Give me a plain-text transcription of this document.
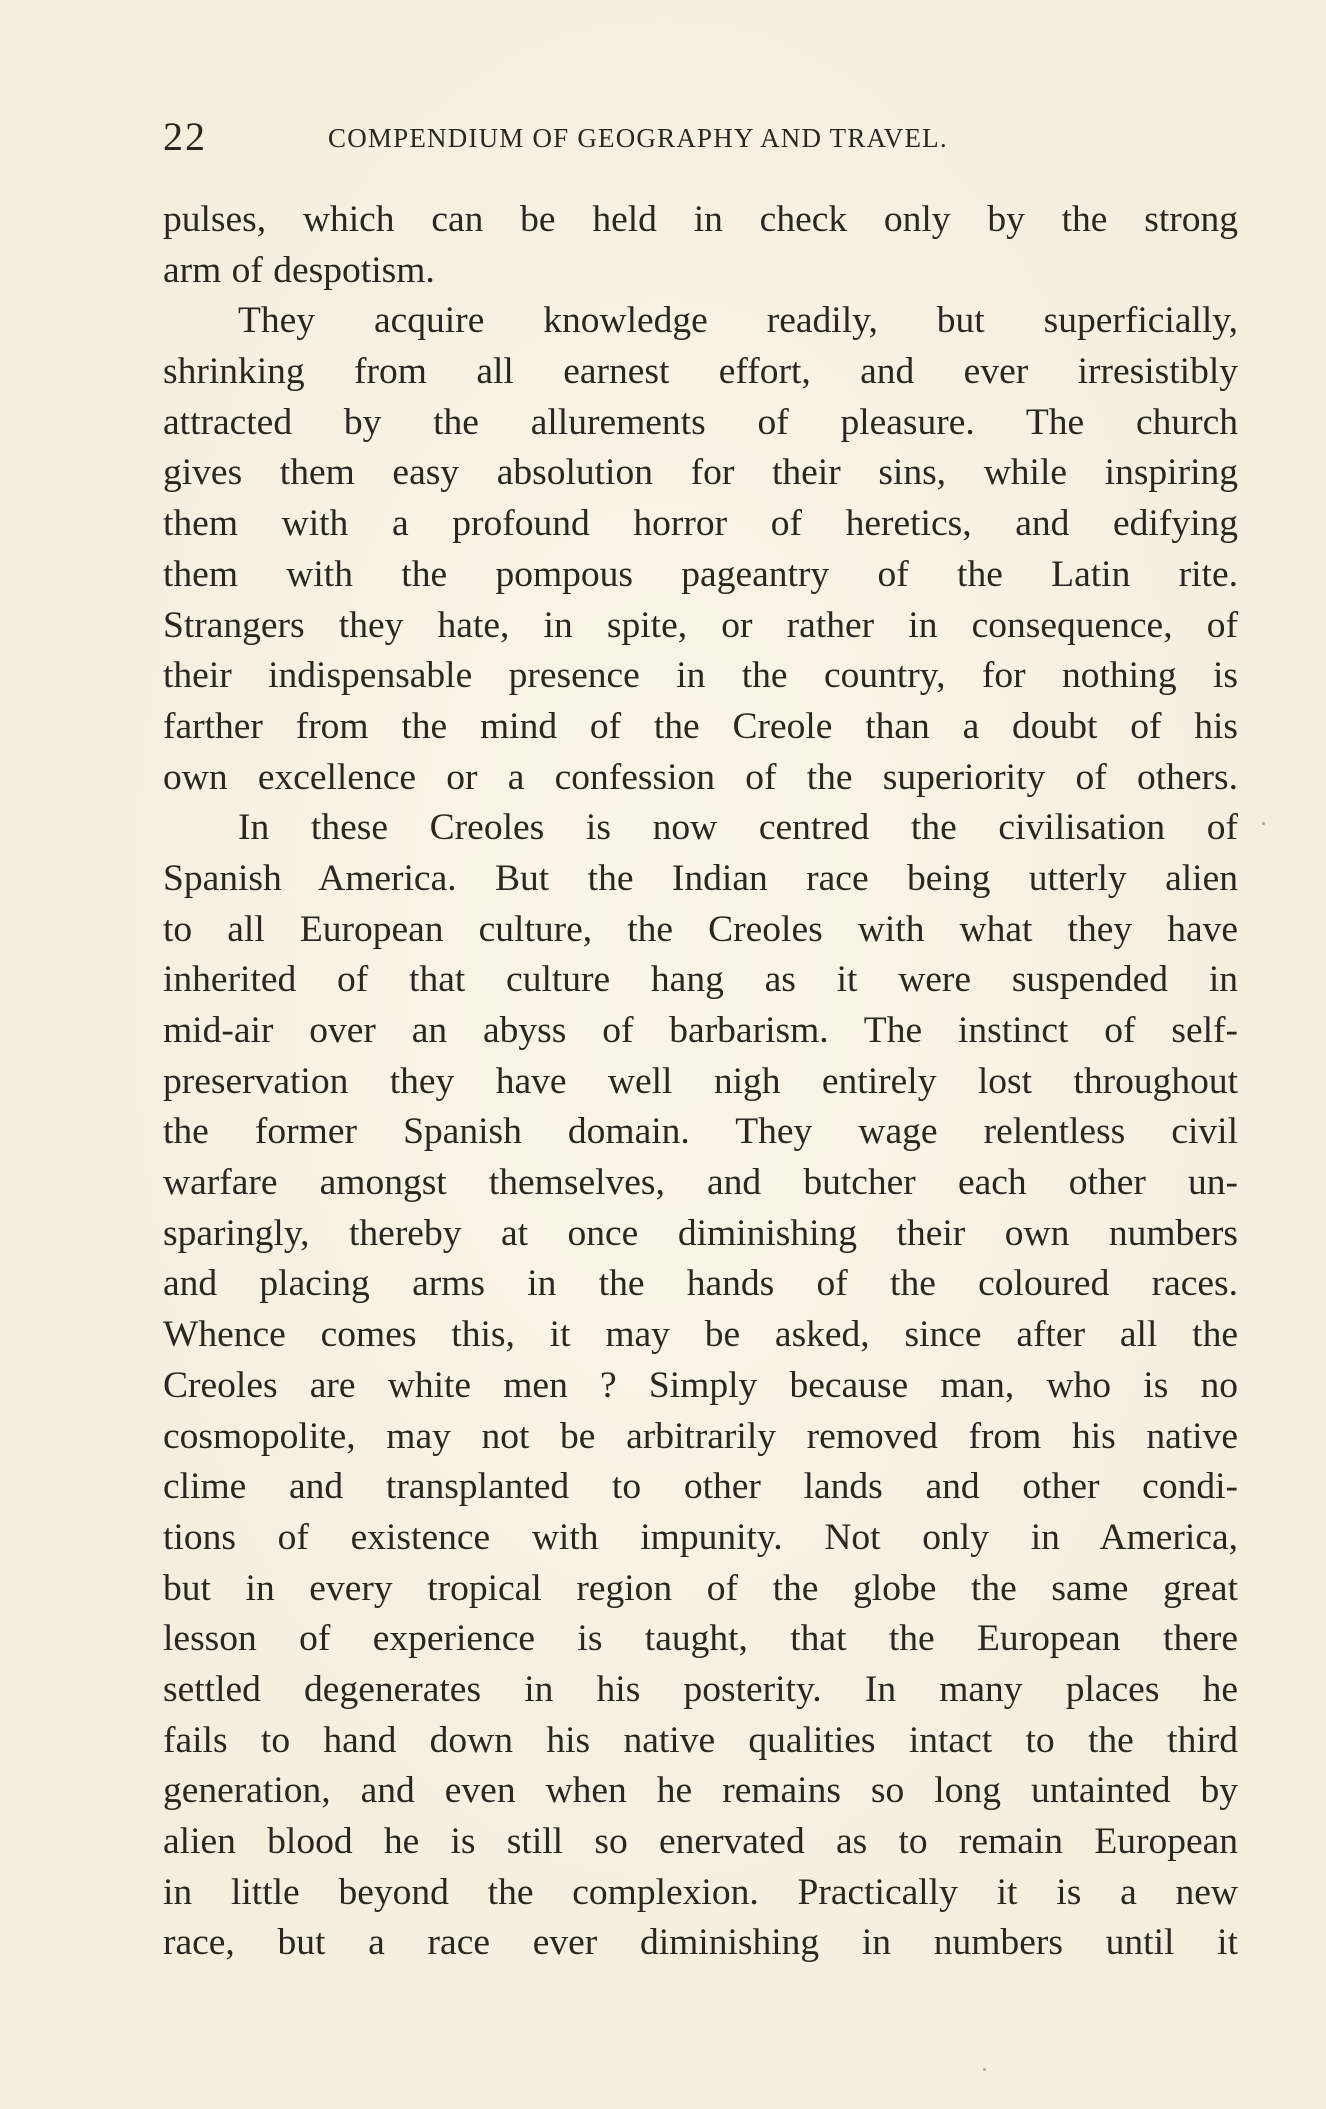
22	COMPENDIUM OF GEOGRAPHY AND TRAVEL.
pulses, which can be held in check only by the strong
arm of despotism.
They acquire knowledge readily, but superficially,
shrinking from all earnest effort, and ever irresistibly
attracted by the allurements of pleasure. The church
gives them easy absolution for their sins, while inspiring
them with a profound horror of heretics, and edifying
them with the pompous pageantry of the Latin rite.
Strangers they hate, in spite, or rather in consequence, of
their indispensable presence in the country, for nothing is
farther from the mind of the Creole than a doubt of his
own excellence or a confession of the superiority of others.
In these Creoles is now centred the civilisation of
Spanish America. But the Indian race being utterly alien
to all European culture, the Creoles with what they have
inherited of that culture hang as it were suspended in
mid-air over an abyss of barbarism. The instinct of self-
preservation they have well nigh entirely lost throughout
the former Spanish domain. They wage relentless civil
warfare amongst themselves, and butcher each other un-
sparingly, thereby at once diminishing their own numbers
and placing arms in the hands of the coloured races.
Whence comes this, it may be asked, since after all the
Creoles are white men ? Simply because man, who is no
cosmopolite, may not be arbitrarily removed from his native
clime and transplanted to other lands and other condi-
tions of existence with impunity. Not only in America,
but in every tropical region of the globe the same great
lesson of experience is taught, that the European there
settled degenerates in his posterity. In many places he
fails to hand down his native qualities intact to the third
generation, and even when he remains so long untainted by
alien blood he is still so enervated as to remain European
in little beyond the complexion. Practically it is a new
race, but a race ever diminishing in numbers until it
